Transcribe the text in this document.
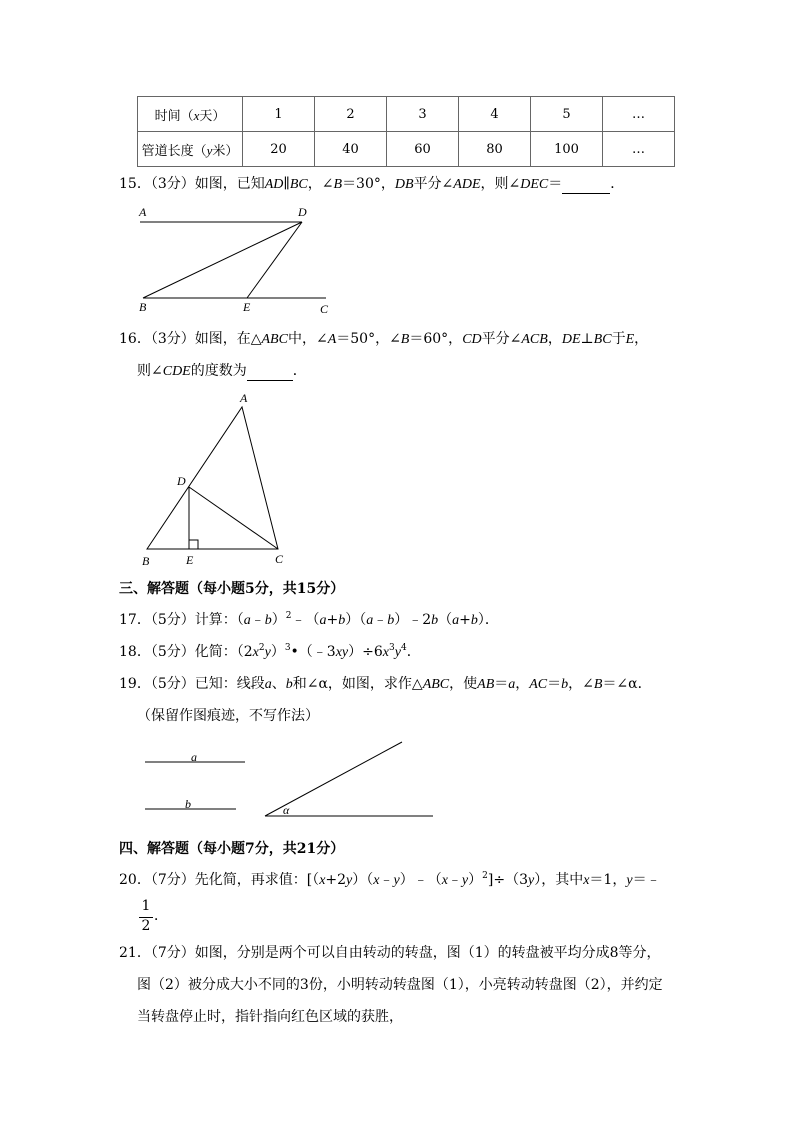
时间（x天）	1	2	3	4	5	…
管道长度（y米）	20	40	60	80	100	…
15．（3分）如图，已知AD∥BC，∠B＝30°，DB平分∠ADE，则∠DEC＝	．
A	D
B	E	C
16．（3分）如图，在△ABC中，∠A＝50°，∠B＝60°，CD平分∠ACB，DE⊥BC于E，
则∠CDE的度数为	．
A
D
B	E	C
三、解答题（每小题5分，共15分）
17．（5分）计算：（a﹣b）$^2$﹣（a+b）（a﹣b）﹣2b（a+b）．
18．（5分）化简：$(2x^2y)^3•(﹣3xy)\div 6x^3y^4$．
19．（5分）已知：线段a、b和∠α，如图，求作△ABC，使AB＝a，AC＝b，∠B＝∠α．
（保留作图痕迹，不写作法）
a
b	α
四、解答题（每小题7分，共21分）
20．（7分）先化简，再求值：[（x+2y）（x﹣y）﹣（x﹣y）$^2$]÷（3y），其中x＝1，y＝﹣
1
2
．
21．（7分）如图，分别是两个可以自由转动的转盘，图（1）的转盘被平均分成8等分，
图（2）被分成大小不同的3份，小明转动转盘图（1），小亮转动转盘图（2），并约定
当转盘停止时，指针指向红色区域的获胜，
